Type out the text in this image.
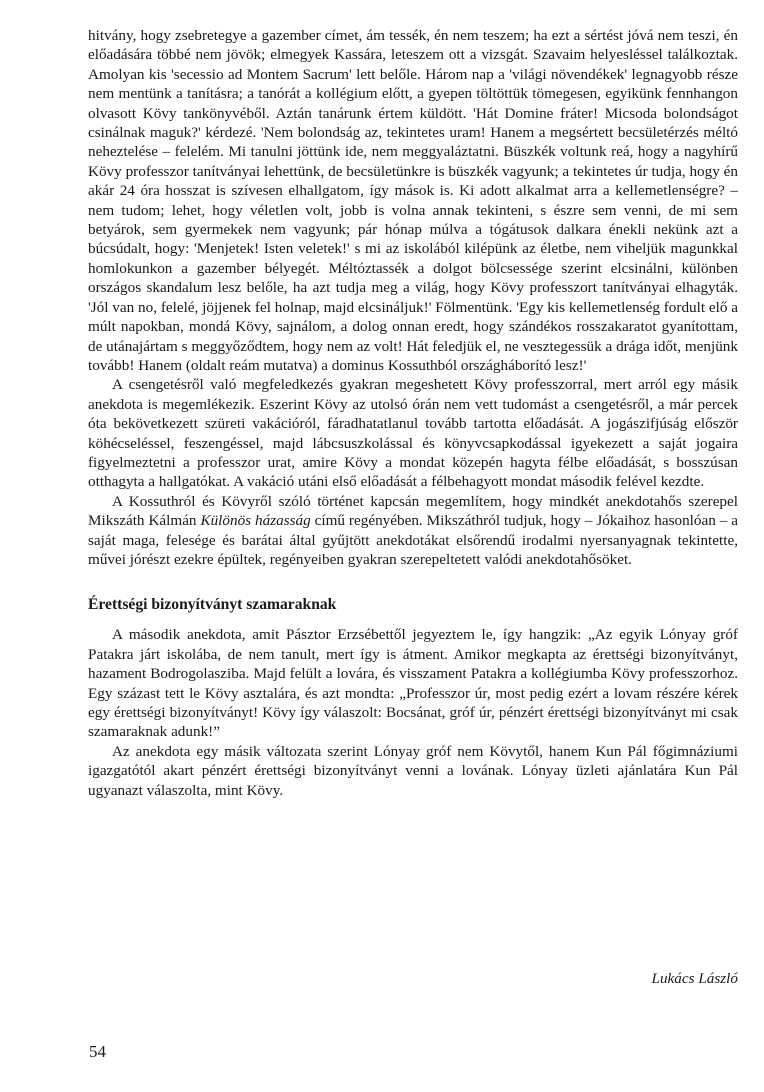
hitvány, hogy zsebretegye a gazember címet, ám tessék, én nem teszem; ha ezt a sértést jóvá nem teszi, én előadására többé nem jövök; elmegyek Kassára, leteszem ott a vizsgát. Szavaim helyesléssel találkoztak. Amolyan kis 'secessio ad Montem Sacrum' lett belőle. Három nap a 'világi növendékek' legnagyobb része nem mentünk a tanításra; a tanórát a kollégium előtt, a gyepen töltöttük tömegesen, egyikünk fennhangon olvasott Kövy tankönyvéből. Aztán tanárunk értem küldött. 'Hát Domine fráter! Micsoda bolondságot csinálnak maguk?' kérdezé. 'Nem bolondság az, tekintetes uram! Hanem a megsértett becsületérzés méltó neheztelése – felelém. Mi tanulni jöttünk ide, nem meggyaláztatni. Büszkék voltunk reá, hogy a nagyhírű Kövy professzor tanítványai lehettünk, de becsületünkre is büszkék vagyunk; a tekintetes úr tudja, hogy én akár 24 óra hosszat is szívesen elhallgatom, így mások is. Ki adott alkalmat arra a kellemetlenségre? – nem tudom; lehet, hogy véletlen volt, jobb is volna annak tekinteni, s észre sem venni, de mi sem betyárok, sem gyermekek nem vagyunk; pár hónap múlva a tógátusok dalkara énekli nekünk azt a búcsúdalt, hogy: 'Menjetek! Isten veletek!' s mi az iskolából kilépünk az életbe, nem viheljük magunkkal homlokunkon a gazember bélyegét. Méltóztassék a dolgot bölcsessége szerint elcsinálni, különben országos skandalum lesz belőle, ha azt tudja meg a világ, hogy Kövy professzort tanítványai elhagyták. 'Jól van no, felelé, jöjjenek fel holnap, majd elcsinálјuk!' Fölmentünk. 'Egy kis kellemetlenség fordult elő a múlt napokban, mondá Kövy, sajnálom, a dolog onnan eredt, hogy szándékos rosszakaratot gyanítottam, de utánajártam s meggyőződtem, hogy nem az volt! Hát feledjük el, ne vesztegessük a drága időt, menjünk tovább! Hanem (oldalt reám mutatva) a dominus Kossuthból országháborító lesz!'

A csengetésről való megfeledkezés gyakran megeshetett Kövy professzorral, mert arról egy másik anekdota is megemlékezik. Eszerint Kövy az utolsó órán nem vett tudomást a csengetésről, a már percek óta bekövetkezett szüreti vakációról, fáradhatatlanul tovább tartotta előadását. A jogászifjúság először köhécseléssel, feszengéssel, majd lábcsuszkolással és könyvcsapkodással igyekezett a saját jogaira figyelmeztetni a professzor urat, amire Kövy a mondat közepén hagyta félbe előadását, s bosszúsan otthagyta a hallgatókat. A vakáció utáni első előadását a félbehagyott mondat második felével kezdte.

A Kossuthról és Kövyről szóló történet kapcsán megemlítem, hogy mindkét anekdotahős szerepel Mikszáth Kálmán Különös házasság című regényében. Mikszáthról tudjuk, hogy – Jókaihoz hasonlóan – a saját maga, felesége és barátai által gyűjtött anekdotákat elsőrendű irodalmi nyersanyagnak tekintette, művei jórészt ezekre épültek, regényeiben gyakran szerepeltetett valódi anekdotahősöket.

Érettségi bizonyítványt szamaraknak

A második anekdota, amit Pásztor Erzsébettől jegyeztem le, így hangzik: „Az egyik Lónyay gróf Patakra járt iskolába, de nem tanult, mert így is átment. Amikor megkapta az érettségi bizonyítványt, hazament Bodrogolasziba. Majd felült a lovára, és visszament Patakra a kollégiumba Kövy professzorhoz. Egy százast tett le Kövy asztalára, és azt mondta: „Professzor úr, most pedig ezért a lovam részére kérek egy érettségi bizonyítványt! Kövy így válaszolt: Bocsánat, gróf úr, pénzért érettségi bizonyítványt mi csak szamaraknak adunk!”

Az anekdota egy másik változata szerint Lónyay gróf nem Kövytől, hanem Kun Pál főgimnáziumi igazgatótól akart pénzért érettségi bizonyítványt venni a lovának. Lónyay üzleti ajánlatára Kun Pál ugyanazt válaszolta, mint Kövy.

Lukács László
54
